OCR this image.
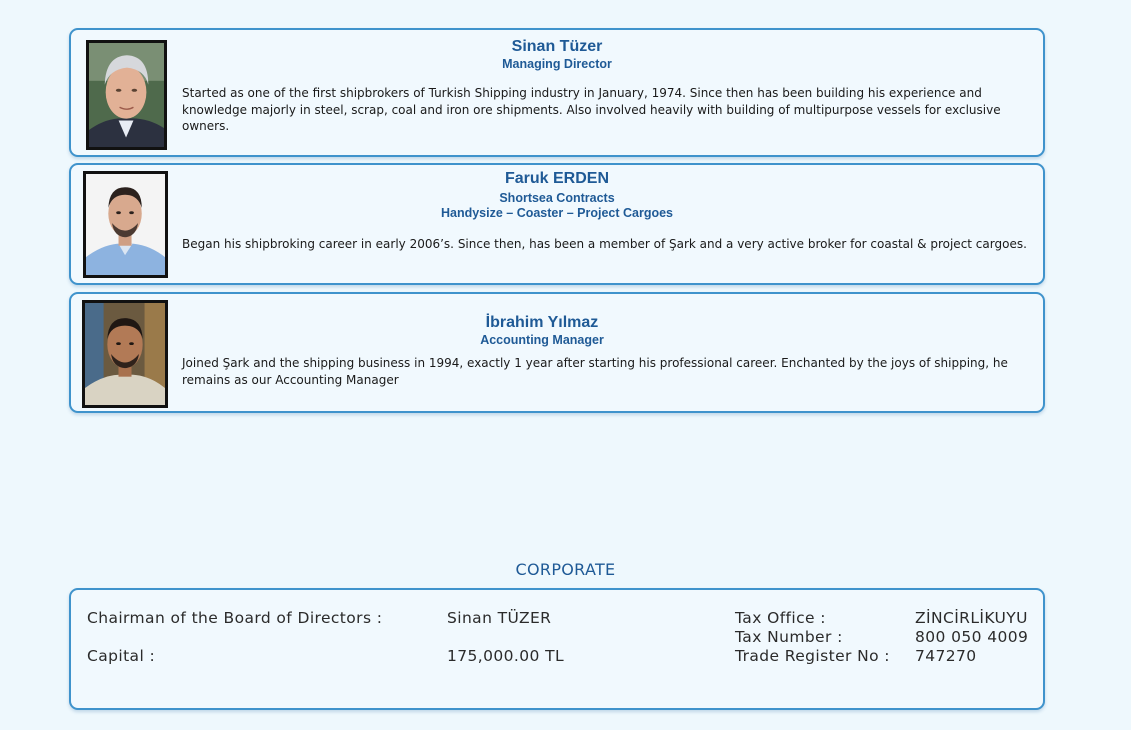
Sinan Tüzer
Managing Director
Started as one of the first shipbrokers of Turkish Shipping industry in January, 1974. Since then has been building his experience and
knowledge majorly in steel, scrap, coal and iron ore shipments. Also involved heavily with building of multipurpose vessels for exclusive
owners.
Faruk ERDEN
Shortsea Contracts
Handysize – Coaster – Project Cargoes
Began his shipbroking career in early 2006’s. Since then, has been a member of Şark and a very active broker for coastal & project cargoes.
İbrahim Yılmaz
Accounting Manager
Joined Şark and the shipping business in 1994, exactly 1 year after starting his professional career. Enchanted by the joys of shipping, he
remains as our Accounting Manager
CORPORATE
Chairman of the Board of Directors :	Sinan TÜZER
Capital :	175,000.00 TL
Tax Office :	ZİNCİRLİKUYU
Tax Number :	800 050 4009
Trade Register No : 747270
